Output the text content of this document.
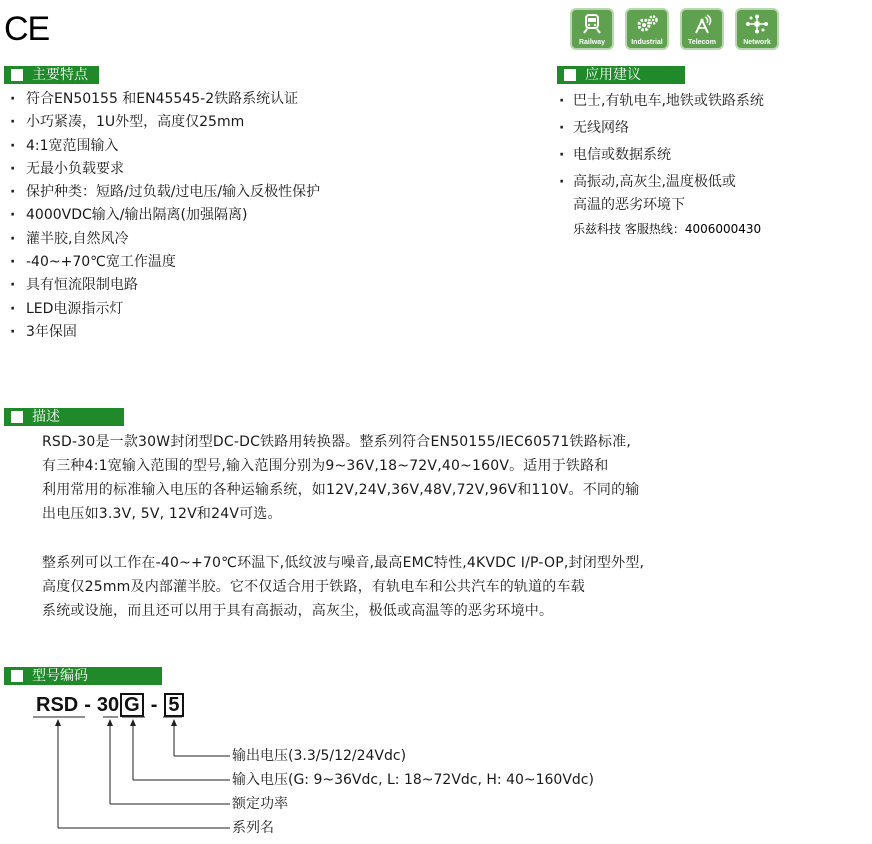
CE	Railway	Industrial	Telecom	Network
主要特点
· 符合EN50155 和EN45545-2铁路系统认证
· 小巧紧凑，1U外型，高度仅25mm
· 4:1宽范围输入
· 无最小负载要求
· 保护种类：短路/过负载/过电压/输入反极性保护
· 4000VDC输入/输出隔离(加强隔离)
· 灌半胶,自然风冷
· -40~+70℃宽工作温度
· 具有恒流限制电路
· LED电源指示灯
· 3年保固
应用建议
· 巴士,有轨电车,地铁或铁路系统
· 无线网络
· 电信或数据系统
· 高振动,高灰尘,温度极低或
高温的恶劣环境下
乐兹科技 客服热线：4006000430
描述
RSD-30是一款30W封闭型DC-DC铁路用转换器。整系列符合EN50155/IEC60571铁路标准,
有三种4:1宽输入范围的型号,输入范围分别为9~36V,18~72V,40~160V。适用于铁路和
利用常用的标准输入电压的各种运输系统，如12V,24V,36V,48V,72V,96V和110V。不同的输
出电压如3.3V, 5V, 12V和24V可选。
整系列可以工作在-40~+70℃环温下,低纹波与噪音,最高EMC特性,4KVDC I/P-OP,封闭型外型,
高度仅25mm及内部灌半胶。它不仅适合用于铁路，有轨电车和公共汽车的轨道的车载
系统或设施，而且还可以用于具有高振动，高灰尘，极低或高温等的恶劣环境中。
型号编码
RSD - 30 G - 5
输出电压(3.3/5/12/24Vdc)
输入电压(G: 9~36Vdc, L: 18~72Vdc, H: 40~160Vdc)
额定功率
系列名
